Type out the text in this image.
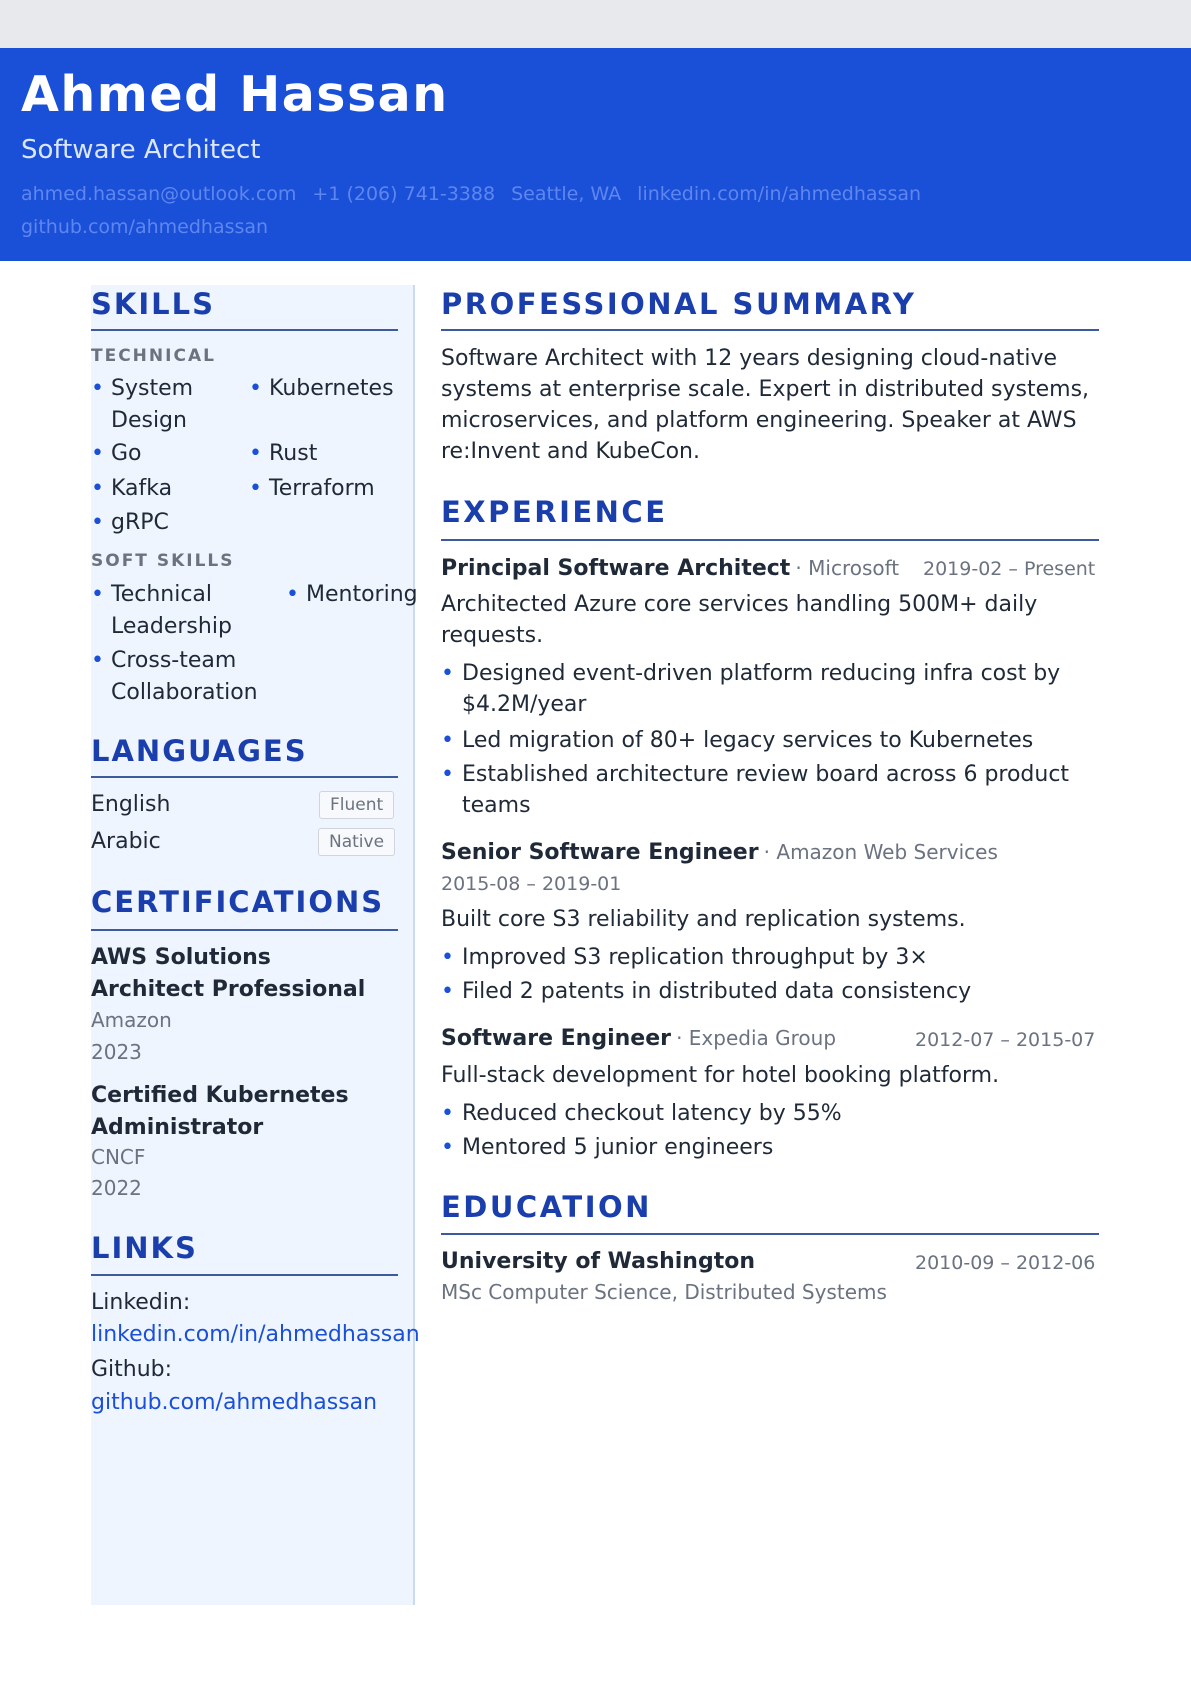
Ahmed Hassan
Software Architect
ahmed.hassan@outlook.com +1 (206) 741-3388 Seattle, WA linkedin.com/in/ahmedhassan
github.com/ahmedhassan
SKILLS
TECHNICAL
• System Design
• Kubernetes
• Go	• Rust
• Kafka	• Terraform
• gRPC
SOFT SKILLS
• Technical Leadership
• Mentoring
• Cross-team Collaboration
LANGUAGES
English	Fluent
Arabic	Native
CERTIFICATIONS
AWS Solutions Architect Professional
Amazon
2023
Certified Kubernetes Administrator
CNCF
2022
LINKS
Linkedin:
linkedin.com/in/ahmedhassan
Github:
github.com/ahmedhassan
PROFESSIONAL SUMMARY
Software Architect with 12 years designing cloud-native systems at enterprise scale. Expert in distributed systems, microservices, and platform engineering. Speaker at AWS re:Invent and KubeCon.
EXPERIENCE
Principal Software Architect · Microsoft	2019-02 – Present
Architected Azure core services handling 500M+ daily requests.
• Designed event-driven platform reducing infra cost by $4.2M/year
• Led migration of 80+ legacy services to Kubernetes
• Established architecture review board across 6 product teams
Senior Software Engineer · Amazon Web Services
2015-08 – 2019-01
Built core S3 reliability and replication systems.
• Improved S3 replication throughput by 3×
• Filed 2 patents in distributed data consistency
Software Engineer · Expedia Group	2012-07 – 2015-07
Full-stack development for hotel booking platform.
• Reduced checkout latency by 55%
• Mentored 5 junior engineers
EDUCATION
University of Washington	2010-09 – 2012-06
MSc Computer Science, Distributed Systems
